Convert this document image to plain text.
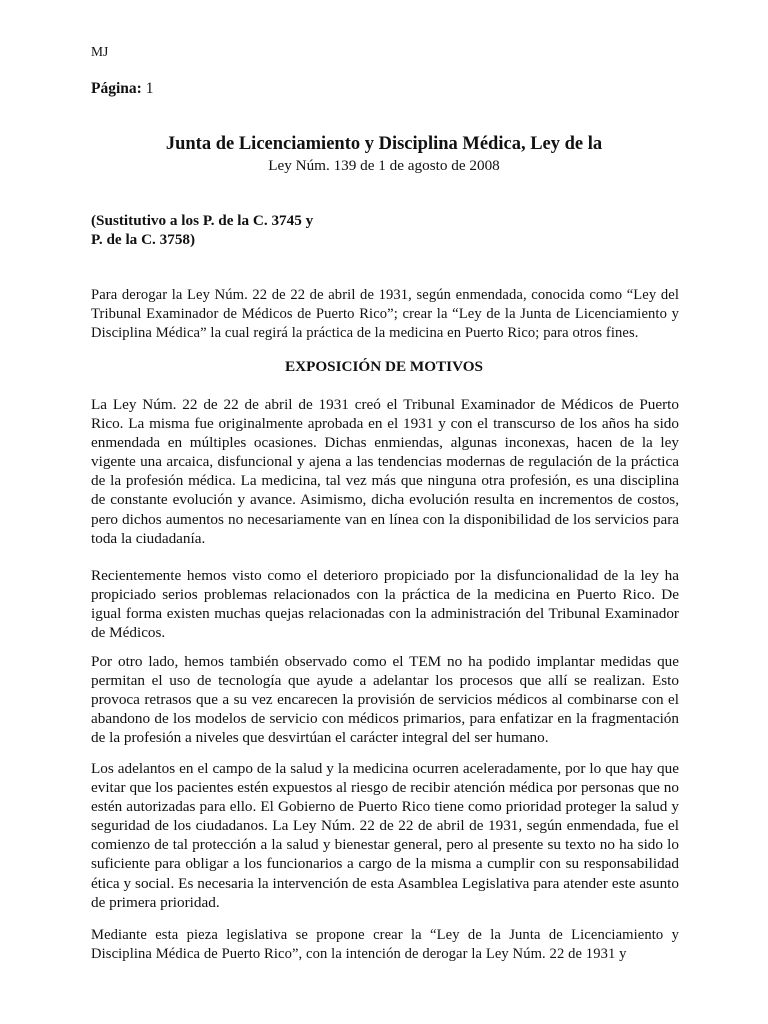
MJ
Página: 1
Junta de Licenciamiento y Disciplina Médica, Ley de la
Ley Núm. 139 de 1 de agosto de 2008
(Sustitutivo a los P. de la C. 3745 y
P. de la C. 3758)
Para derogar la Ley Núm. 22 de 22 de abril de 1931, según enmendada, conocida como “Ley del Tribunal Examinador de Médicos de Puerto Rico”; crear la “Ley de la Junta de Licenciamiento y Disciplina Médica” la cual regirá la práctica de la medicina en Puerto Rico; para otros fines.
EXPOSICIÓN DE MOTIVOS
La Ley Núm. 22 de 22 de abril de 1931 creó el Tribunal Examinador de Médicos de Puerto Rico. La misma fue originalmente aprobada en el 1931 y con el transcurso de los años ha sido enmendada en múltiples ocasiones. Dichas enmiendas, algunas inconexas, hacen de la ley vigente una arcaica, disfuncional y ajena a las tendencias modernas de regulación de la práctica de la profesión médica. La medicina, tal vez más que ninguna otra profesión, es una disciplina de constante evolución y avance. Asimismo, dicha evolución resulta en incrementos de costos, pero dichos aumentos no necesariamente van en línea con la disponibilidad de los servicios para toda la ciudadanía.
Recientemente hemos visto como el deterioro propiciado por la disfuncionalidad de la ley ha propiciado serios problemas relacionados con la práctica de la medicina en Puerto Rico. De igual forma existen muchas quejas relacionadas con la administración del Tribunal Examinador de Médicos.
Por otro lado, hemos también observado como el TEM no ha podido implantar medidas que permitan el uso de tecnología que ayude a adelantar los procesos que allí se realizan. Esto provoca retrasos que a su vez encarecen la provisión de servicios médicos al combinarse con el abandono de los modelos de servicio con médicos primarios, para enfatizar en la fragmentación de la profesión a niveles que desvirtúan el carácter integral del ser humano.
Los adelantos en el campo de la salud y la medicina ocurren aceleradamente, por lo que hay que evitar que los pacientes estén expuestos al riesgo de recibir atención médica por personas que no estén autorizadas para ello. El Gobierno de Puerto Rico tiene como prioridad proteger la salud y seguridad de los ciudadanos. La Ley Núm. 22 de 22 de abril de 1931, según enmendada, fue el comienzo de tal protección a la salud y bienestar general, pero al presente su texto no ha sido lo suficiente para obligar a los funcionarios a cargo de la misma a cumplir con su responsabilidad ética y social. Es necesaria la intervención de esta Asamblea Legislativa para atender este asunto de primera prioridad.
Mediante esta pieza legislativa se propone crear la “Ley de la Junta de Licenciamiento y Disciplina Médica de Puerto Rico”, con la intención de derogar la Ley Núm. 22 de 1931 y
